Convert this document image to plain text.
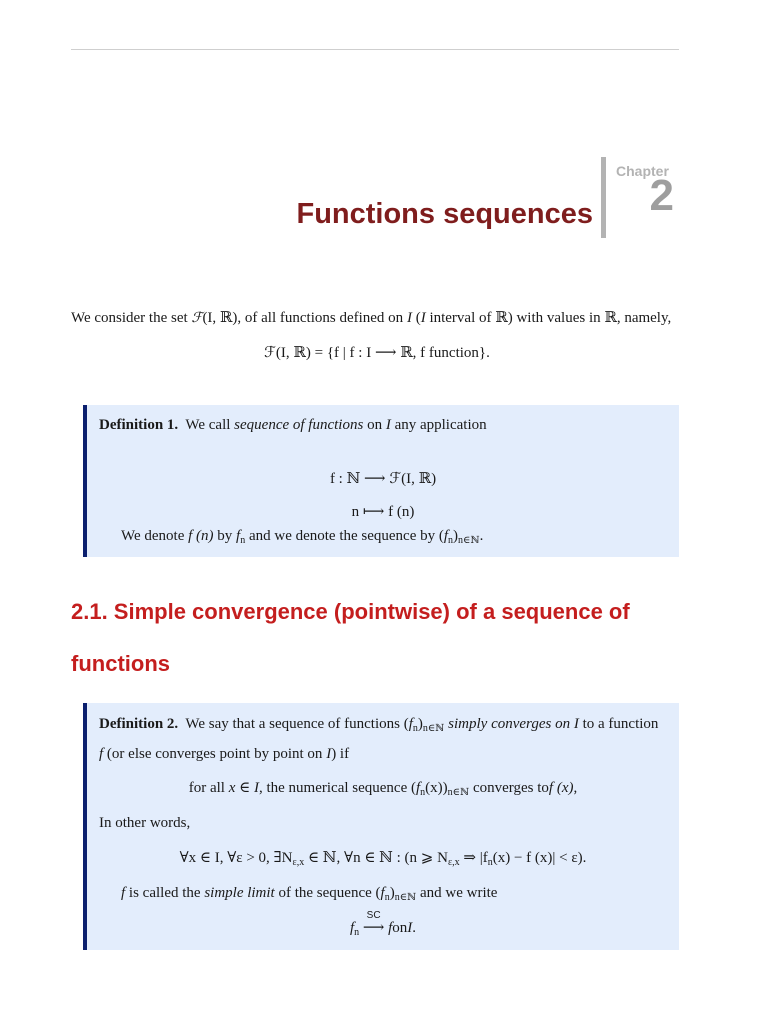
Functions sequences
Chapter
2
We consider the set ℱ(I, ℝ), of all functions defined on I (I interval of ℝ) with values in ℝ, namely,
ℱ(I, ℝ) = {f | f : I ⟶ ℝ, f function}.
Definition 1. We call sequence of functions on I any application
f : ℕ ⟶ ℱ(I, ℝ)
n ⟼ f (n)
We denote f (n) by $f_n$ and we denote the sequence by $(f_n)_{n\in ℕ}$.
2.1. Simple convergence (pointwise) of a sequence of functions
Definition 2. We say that a sequence of functions $(f_n)_{n\in ℕ}$ simply converges on I to a function
f (or else converges point by point on I) if
for all x ∈ I, the numerical sequence $(f_n(x))_{n\in ℕ}$ converges tof (x),
In other words,
∀x ∈ I, ∀ε > 0, $\exists N_{\varepsilon,x}$ ∈ ℕ, ∀n ∈ ℕ : (n ⩾ $N_{\varepsilon,x}$ ⇒ $|f_n(x) - f$ (x)| < ε).
f is called the simple limit of the sequence $(f_n)_{n\in ℕ}$ and we write
$f_n$
SC
⟶ fonI.
